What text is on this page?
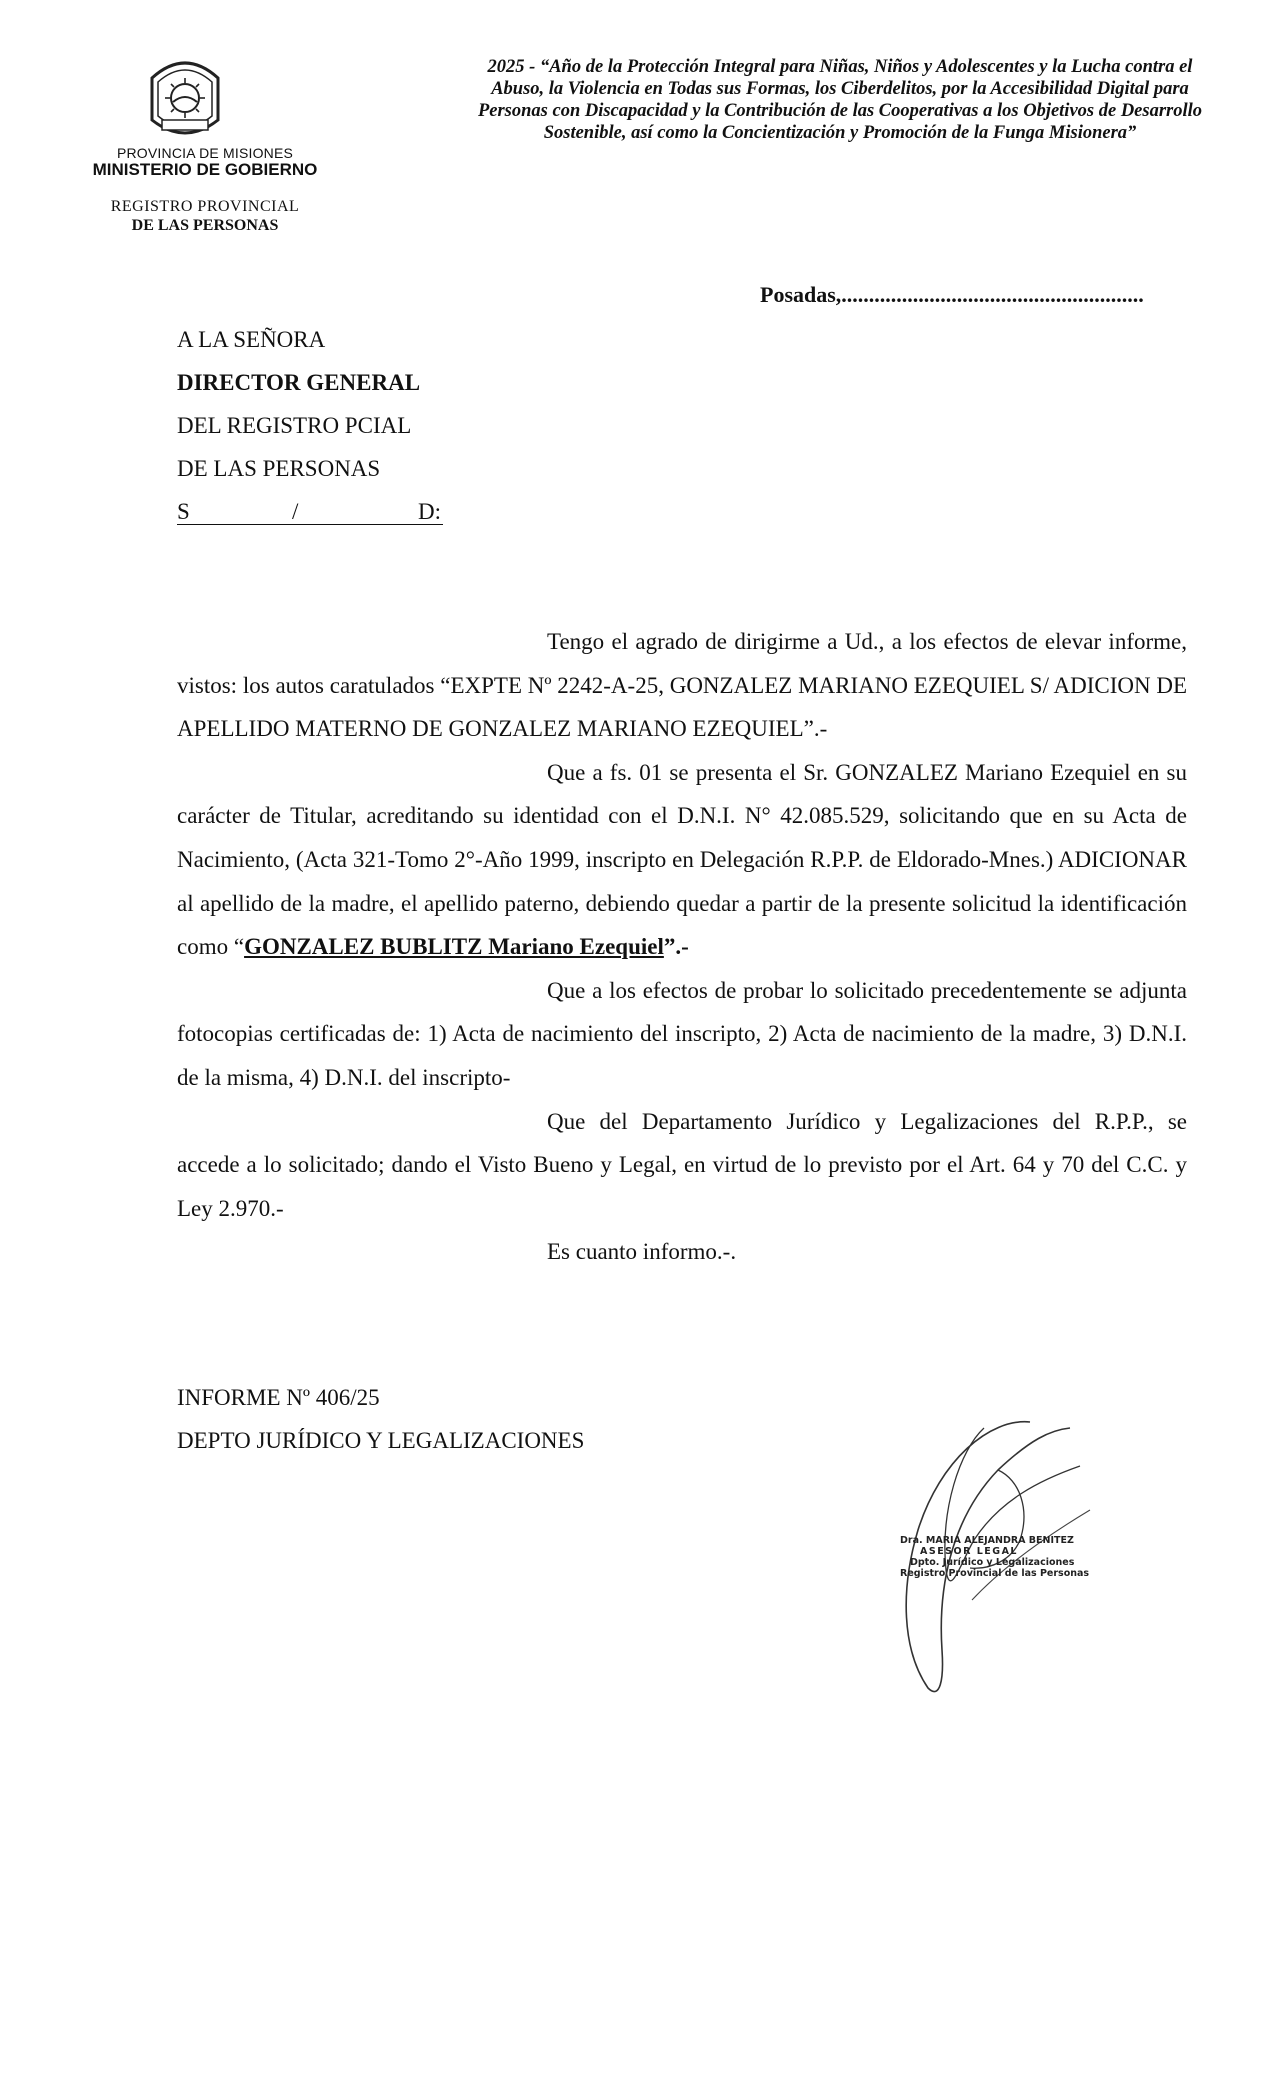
PROVINCIA DE MISIONES
MINISTERIO DE GOBIERNO
REGISTRO PROVINCIAL
DE LAS PERSONAS
2025 - “Año de la Protección Integral para Niñas, Niños y Adolescentes y la Lucha contra el Abuso, la Violencia en Todas sus Formas, los Ciberdelitos, por la Accesibilidad Digital para Personas con Discapacidad y la Contribución de las Cooperativas a los Objetivos de Desarrollo Sostenible, así como la Concientización y Promoción de la Funga Misionera”
Posadas,.......................................................
A LA SEÑORA
DIRECTOR GENERAL
DEL REGISTRO PCIAL
DE LAS PERSONAS
S	/	D:

Tengo el agrado de dirigirme a Ud., a los efectos de elevar informe, vistos: los autos caratulados “EXPTE Nº 2242-A-25, GONZALEZ MARIANO EZEQUIEL S/ ADICION DE APELLIDO MATERNO DE GONZALEZ MARIANO EZEQUIEL”.-

Que a fs. 01 se presenta el Sr. GONZALEZ Mariano Ezequiel en su carácter de Titular, acreditando su identidad con el D.N.I. N° 42.085.529, solicitando que en su Acta de Nacimiento, (Acta 321-Tomo 2°-Año 1999, inscripto en Delegación R.P.P. de Eldorado-Mnes.) ADICIONAR al apellido de la madre, el apellido paterno, debiendo quedar a partir de la presente solicitud la identificación como “GONZALEZ BUBLITZ Mariano Ezequiel”.-

Que a los efectos de probar lo solicitado precedentemente se adjunta fotocopias certificadas de: 1) Acta de nacimiento del inscripto, 2) Acta de nacimiento de la madre, 3) D.N.I. de la misma, 4) D.N.I. del inscripto-

Que del Departamento Jurídico y Legalizaciones del R.P.P., se accede a lo solicitado; dando el Visto Bueno y Legal, en virtud de lo previsto por el Art. 64 y 70 del C.C. y Ley 2.970.-

Es cuanto informo.-.

INFORME Nº 406/25
DEPTO JURÍDICO Y LEGALIZACIONES
Dra. MARIA ALEJANDRA BENITEZ
ASESOR LEGAL
Dpto. Jurídico y Legalizaciones
Registro Provincial de las Personas
